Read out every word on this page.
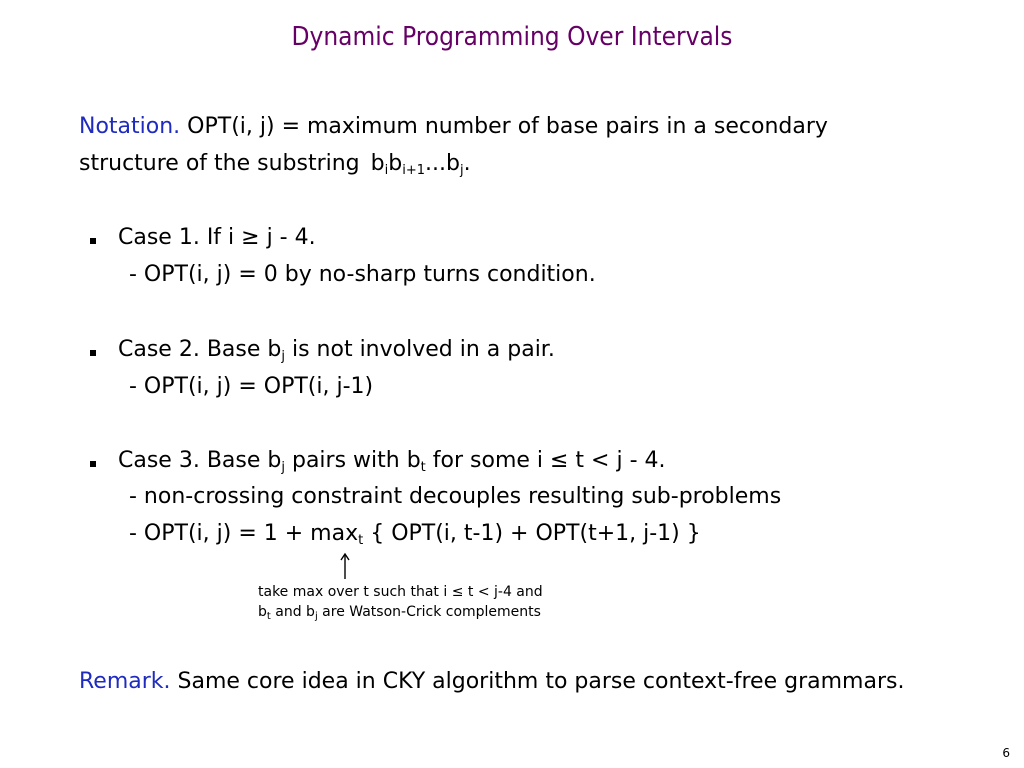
Dynamic Programming Over Intervals
Notation. OPT(i, j) = maximum number of base pairs in a secondary
structure of the substring $b_ib_{i+1}...b_j$.
Case 1. If i ≥ j - 4.
- OPT(i, j) = 0 by no-sharp turns condition.
Case 2. Base $b_j$ is not involved in a pair.
- OPT(i, j) = OPT(i, j-1)
Case 3. Base $b_j$ pairs with $b_t$ for some i ≤ t < j - 4.
- non-crossing constraint decouples resulting sub-problems
- OPT(i, $j) = 1 + \max_t$ { OPT(i, t-1) + OPT(t+1, j-1) }
take max over t such that i ≤ t < j-4 and
$b_t$ and $b_j$ are Watson-Crick complements
Remark. Same core idea in CKY algorithm to parse context-free grammars.
6
